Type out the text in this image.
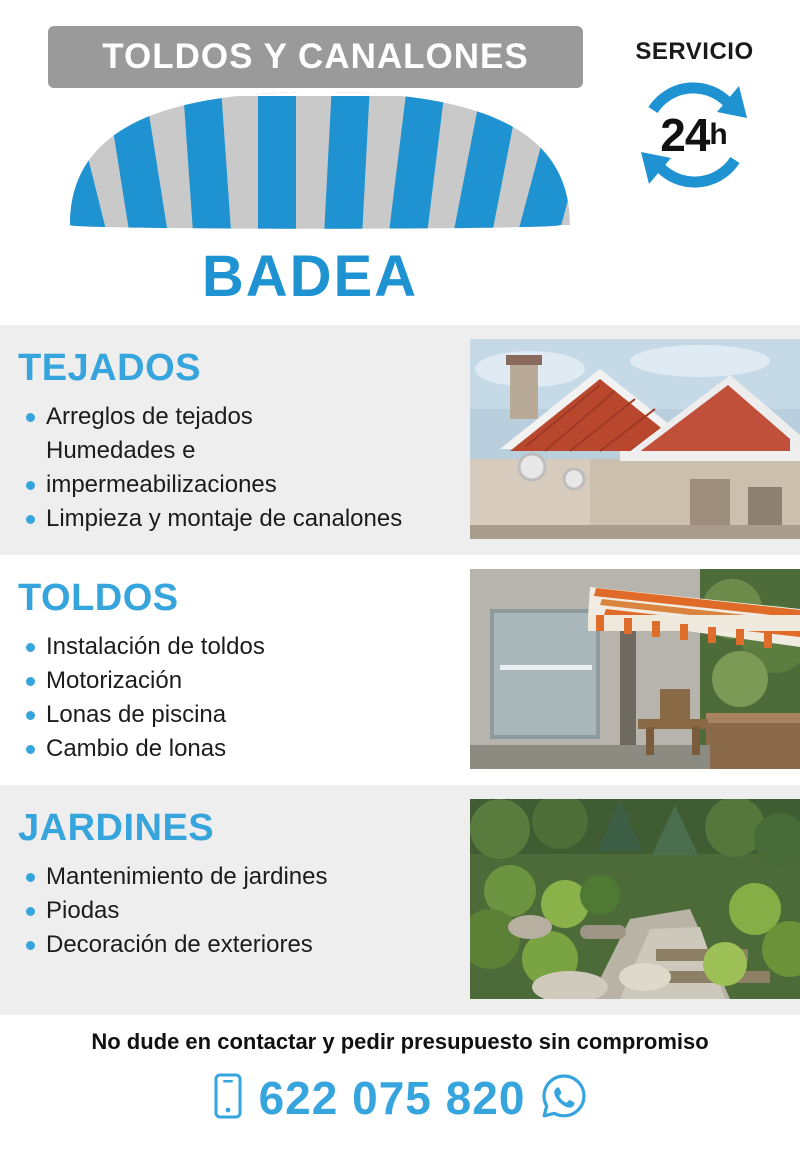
TOLDOS Y CANALONES
BADEA
SERVICIO
24 h
TEJADOS
Arreglos de tejados
Humedades e
impermeabilizaciones
Limpieza y montaje de canalones
TOLDOS
Instalación de toldos
Motorización
Lonas de piscina
Cambio de lonas
JARDINES
Mantenimiento de jardines
Piodas
Decoración de exteriores
No dude en contactar y pedir presupuesto sin compromiso
622 075 820
